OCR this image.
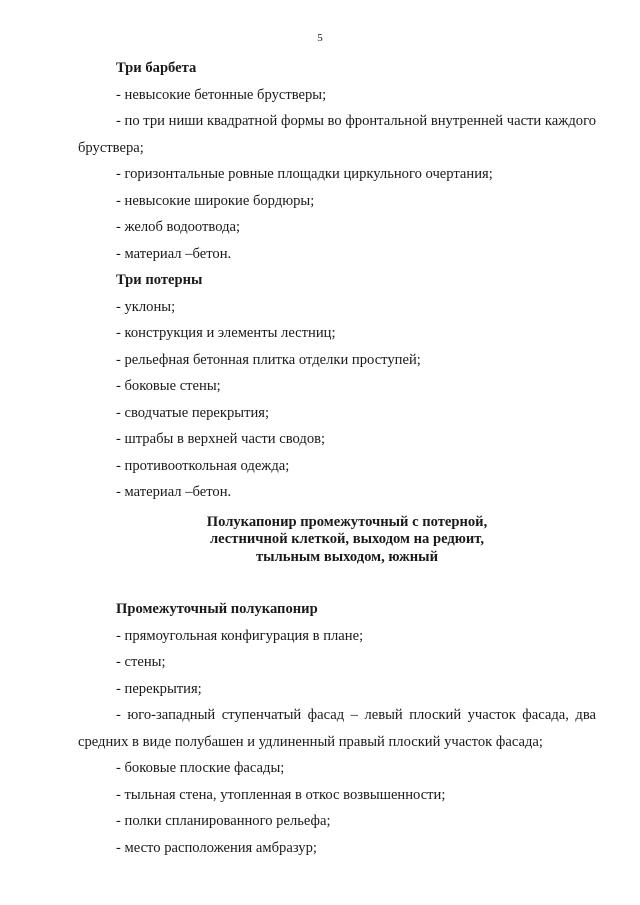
5

Три барбета

- невысокие бетонные брустверы;

- по три ниши квадратной формы во фронтальной внутренней части каждого бруствера;

- горизонтальные ровные площадки циркульного очертания;

- невысокие широкие бордюры;

- желоб водоотвода;

- материал –бетон.

Три потерны

- уклоны;

- конструкция и элементы лестниц;

- рельефная бетонная плитка отделки проступей;

- боковые стены;

- сводчатые перекрытия;

- штрабы в верхней части сводов;

- противооткольная одежда;

- материал –бетон.

Полукапонир промежуточный с потерной,
лестничной клеткой, выходом на редюит,
тыльным выходом, южный

Промежуточный полукапонир

- прямоугольная конфигурация в плане;

- стены;

- перекрытия;

- юго-западный ступенчатый фасад – левый плоский участок фасада, два средних в виде полубашен и удлиненный правый плоский участок фасада;

- боковые плоские фасады;

- тыльная стена, утопленная в откос возвышенности;

- полки спланированного рельефа;

- место расположения амбразур;
